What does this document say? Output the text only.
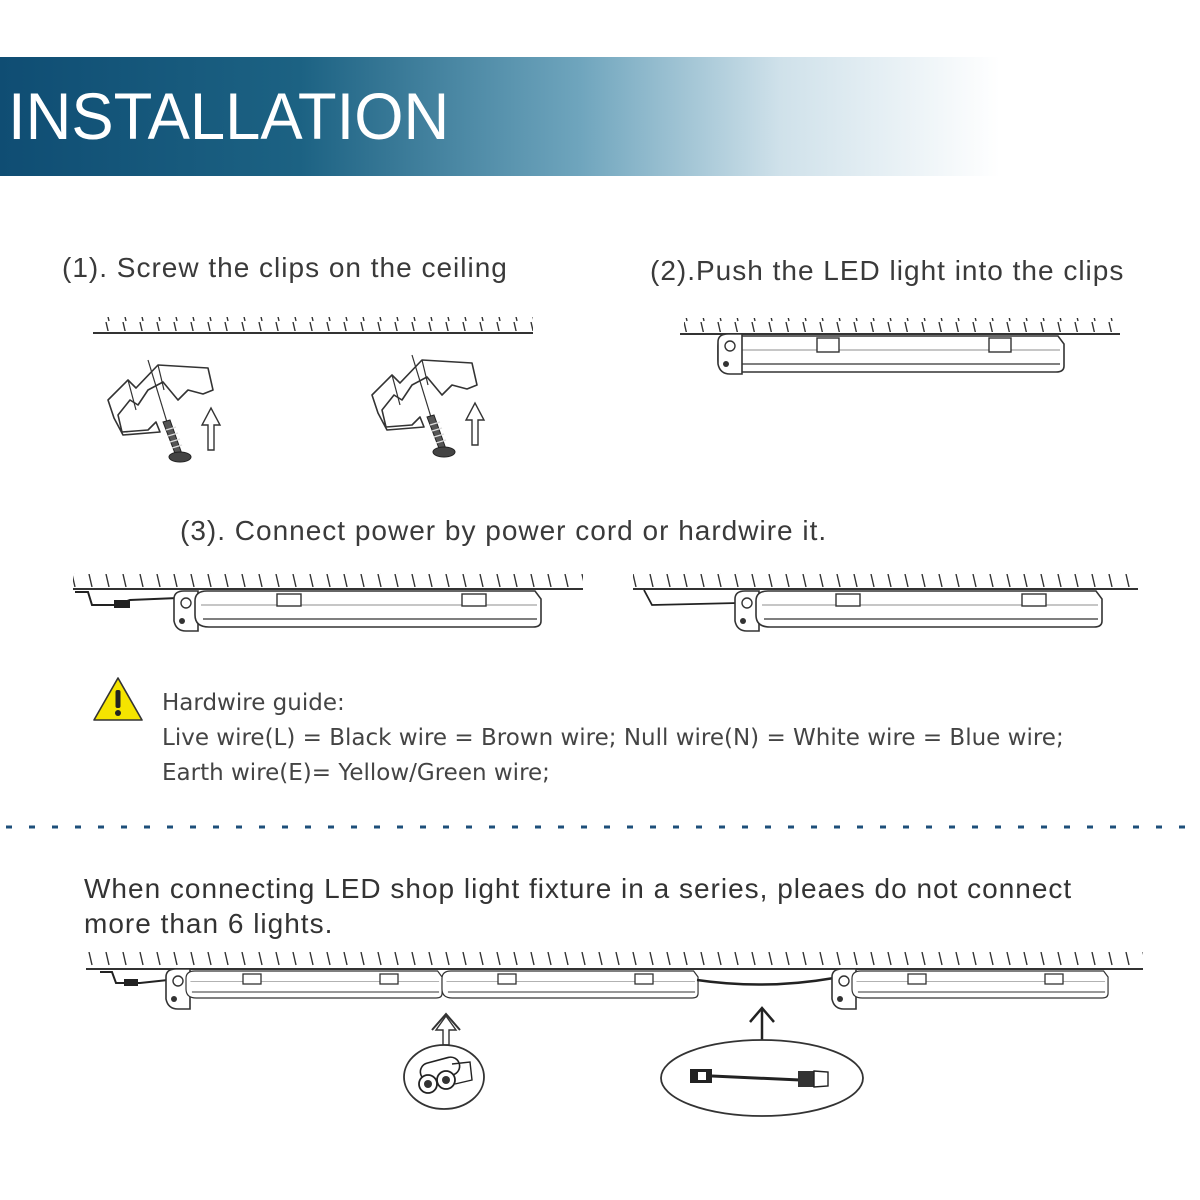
INSTALLATION
(1). Screw the clips on the ceiling	(2).Push the LED light into the clips
(3). Connect power by power cord or hardwire it.
Hardwire guide:
Live wire(L) = Black wire = Brown wire; Null wire(N) = White wire = Blue wire;
Earth wire(E)= Yellow/Green wire;
When connecting LED shop light fixture in a series, pleaes do not connect
more than 6 lights.
